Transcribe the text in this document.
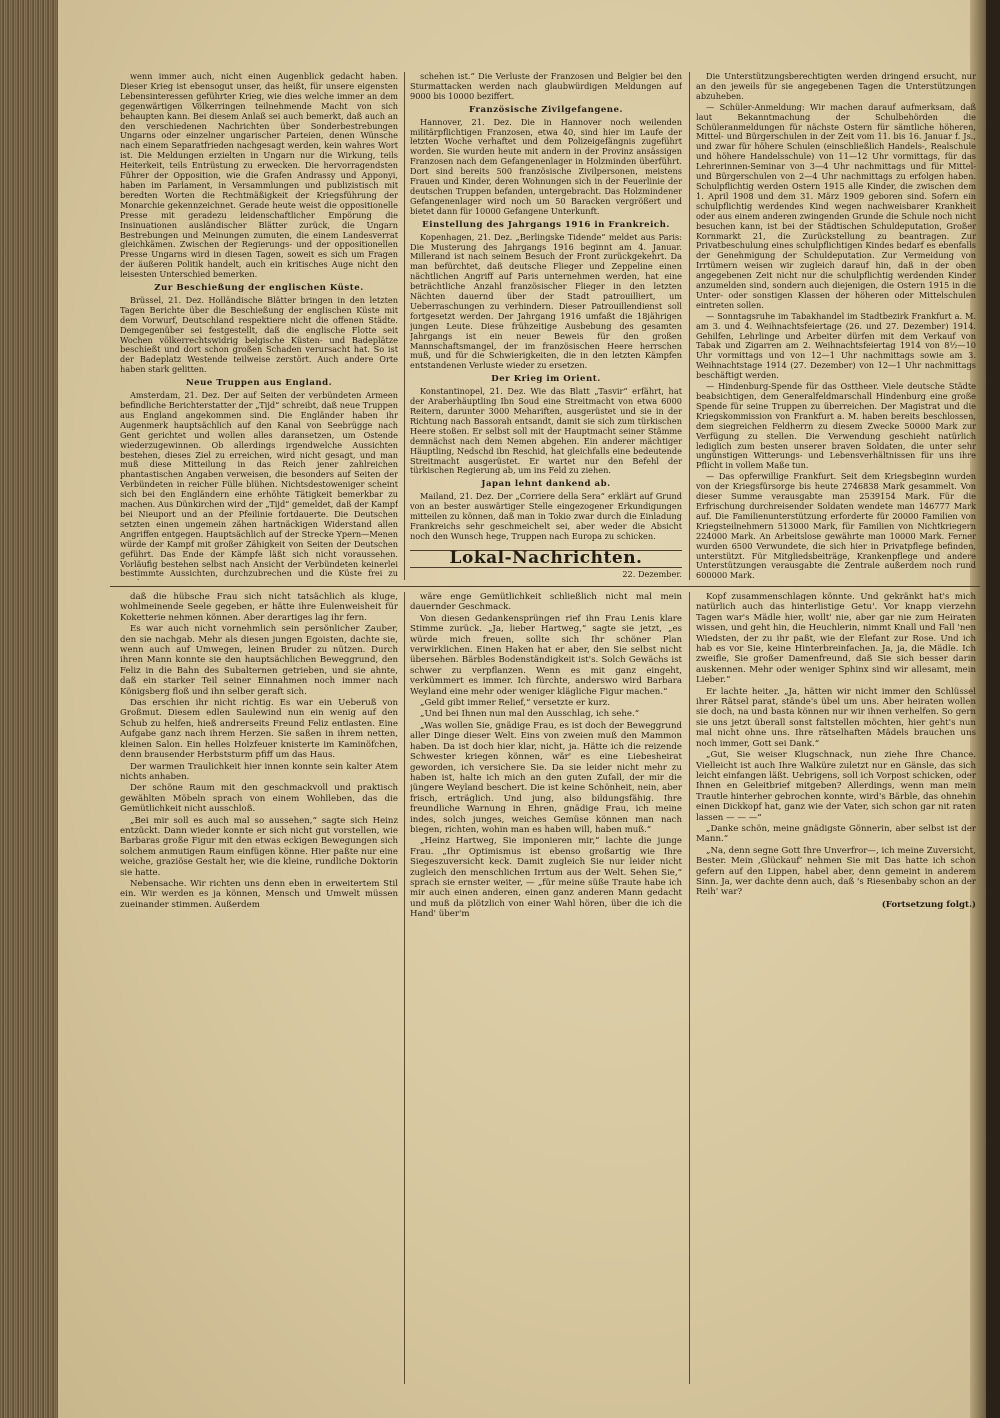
wenn immer auch, nicht einen Augenblick gedacht haben. Dieser Krieg ist ebensogut unser, das heißt, für unsere eigensten Lebensinteressen geführter Krieg, wie dies welche immer an dem gegenwärtigen Völkerringen teilnehmende Macht von sich behaupten kann. Bei diesem Anlaß sei auch bemerkt, daß auch an den verschiedenen Nachrichten über Sonderbestrebungen Ungarns oder einzelner ungarischer Parteien, denen Wünsche nach einem Separatfrieden nachgesagt werden, kein wahres Wort ist. Die Meldungen erzielten in Ungarn nur die Wirkung, teils Heiterkeit, teils Entrüstung zu erwecken. Die hervorragendsten Führer der Opposition, wie die Grafen Andrassy und Apponyi, haben im Parlament, in Versammlungen und publizistisch mit beredten Worten die Rechtmäßigkeit der Kriegsführung der Monarchie gekennzeichnet. Gerade heute weist die oppositionelle Presse mit geradezu leidenschaftlicher Empörung die Insinuationen ausländischer Blätter zurück, die Ungarn Bestrebungen und Meinungen zumuten, die einem Landesverrat gleichkämen. Zwischen der Regierungs- und der oppositionellen Presse Ungarns wird in diesen Tagen, soweit es sich um Fragen der äußeren Politik handelt, auch ein kritisches Auge nicht den leisesten Unterschied bemerken.

Zur Beschießung der englischen Küste.

Brüssel, 21. Dez. Holländische Blätter bringen in den letzten Tagen Berichte über die Beschießung der englischen Küste mit dem Vorwurf, Deutschland respektiere nicht die offenen Städte. Demgegenüber sei festgestellt, daß die englische Flotte seit Wochen völkerrechtswidrig belgische Küsten- und Badeplätze beschießt und dort schon großen Schaden verursacht hat. So ist der Badeplatz Westende teilweise zerstört. Auch andere Orte haben stark gelitten.

Neue Truppen aus England.

Amsterdam, 21. Dez. Der auf Seiten der verbündeten Armeen befindliche Berichterstatter der „Tijd“ schreibt, daß neue Truppen aus England angekommen sind. Die Engländer haben ihr Augenmerk hauptsächlich auf den Kanal von Seebrügge nach Gent gerichtet und wollen alles daransetzen, um Ostende wiederzugewinnen. Ob allerdings irgendwelche Aussichten bestehen, dieses Ziel zu erreichen, wird nicht gesagt, und man muß diese Mitteilung in das Reich jener zahlreichen phantastischen Angaben verweisen, die besonders auf Seiten der Verbündeten in reicher Fülle blühen. Nichtsdestoweniger scheint sich bei den Engländern eine erhöhte Tätigkeit bemerkbar zu machen. Aus Dünkirchen wird der „Tijd“ gemeldet, daß der Kampf bei Nieuport und an der Pfeilinie fortdauerte. Die Deutschen setzten einen ungemein zähen hartnäckigen Widerstand allen Angriffen entgegen. Hauptsächlich auf der Strecke Ypern—Menen würde der Kampf mit großer Zähigkeit von Seiten der Deutschen geführt. Das Ende der Kämpfe läßt sich nicht voraussehen. Vorläufig bestehen selbst nach Ansicht der Verbündeten keinerlei bestimmte Aussichten, durchzubrechen und die Küste frei zu

schehen ist.“ Die Verluste der Franzosen und Belgier bei den Sturmattacken werden nach glaubwürdigen Meldungen auf 9000 bis 10000 beziffert.

Französische Zivilgefangene.

Hannover, 21. Dez. Die in Hannover noch weilenden militärpflichtigen Franzosen, etwa 40, sind hier im Laufe der letzten Woche verhaftet und dem Polizeigefängnis zugeführt worden. Sie wurden heute mit andern in der Provinz ansässigen Franzosen nach dem Gefangenenlager in Holzminden überführt. Dort sind bereits 500 französische Zivilpersonen, meistens Frauen und Kinder, deren Wohnungen sich in der Feuerlinie der deutschen Truppen befanden, untergebracht. Das Holzmindener Gefangenenlager wird noch um 50 Baracken vergrößert und bietet dann für 10000 Gefangene Unterkunft.

Einstellung des Jahrgangs 1916 in Frankreich.

Kopenhagen, 21. Dez. „Berlingske Tidende“ meldet aus Paris: Die Musterung des Jahrgangs 1916 beginnt am 4. Januar. Millerand ist nach seinem Besuch der Front zurückgekehrt. Da man befürchtet, daß deutsche Flieger und Zeppeline einen nächtlichen Angriff auf Paris unternehmen werden, hat eine beträchtliche Anzahl französischer Flieger in den letzten Nächten dauernd über der Stadt patrouilliert, um Ueberraschungen zu verhindern. Dieser Patrouillendienst soll fortgesetzt werden. Der Jahrgang 1916 umfaßt die 18jährigen jungen Leute. Diese frühzeitige Ausbebung des gesamten Jahrgangs ist ein neuer Beweis für den großen Mannschaftsmangel, der im französischen Heere herrschen muß, und für die Schwierigkeiten, die in den letzten Kämpfen entstandenen Verluste wieder zu ersetzen.

Der Krieg im Orient.

Konstantinopel, 21. Dez. Wie das Blatt „Tasvir“ erfährt, hat der Araberhäuptling Ibn Soud eine Streitmacht von etwa 6000 Reitern, darunter 3000 Mehariften, ausgerüstet und sie in der Richtung nach Bassorah entsandt, damit sie sich zum türkischen Heere stoßen. Er selbst soll mit der Hauptmacht seiner Stämme demnächst nach dem Nemen abgehen. Ein anderer mächtiger Häuptling, Nedschd ibn Reschid, hat gleichfalls eine bedeutende Streitmacht ausgerüstet. Er wartet nur den Befehl der türkischen Regierung ab, um ins Feld zu ziehen.

Japan lehnt dankend ab.

Mailand, 21. Dez. Der „Corriere della Sera“ erklärt auf Grund von an bester auswärtiger Stelle eingezogener Erkundigungen mitteilen zu können, daß man in Tokio zwar durch die Einladung Frankreichs sehr geschmeichelt sei, aber weder die Absicht noch den Wunsch hege, Truppen nach Europa zu schicken.

Lokal-Nachrichten.
22. Dezember.

Die Unterstützungsberechtigten werden dringend ersucht, nur an den jeweils für sie angegebenen Tagen die Unterstützungen abzuheben.

— Schüler-Anmeldung: Wir machen darauf aufmerksam, daß laut Bekanntmachung der Schulbehörden die Schüleranmeldungen für nächste Ostern für sämtliche höheren, Mittel- und Bürgerschulen in der Zeit vom 11. bis 16. Januar f. Js., und zwar für höhere Schulen (einschließlich Handels-, Realschule und höhere Handelsschule) von 11—12 Uhr vormittags, für das Lehrerinnen-Seminar von 3—4 Uhr nachmittags und für Mittel- und Bürgerschulen von 2—4 Uhr nachmittags zu erfolgen haben. Schulpflichtig werden Ostern 1915 alle Kinder, die zwischen dem 1. April 1908 und dem 31. März 1909 geboren sind. Sofern ein schulpflichtig werdendes Kind wegen nachweisbarer Krankheit oder aus einem anderen zwingenden Grunde die Schule noch nicht besuchen kann, ist bei der Städtischen Schuldeputation, Großer Kornmarkt 21, die Zurückstellung zu beantragen. Zur Privatbeschulung eines schulpflichtigen Kindes bedarf es ebenfalls der Genehmigung der Schuldeputation. Zur Vermeidung von Irrtümern weisen wir zugleich darauf hin, daß in der oben angegebenen Zeit nicht nur die schulpflichtig werdenden Kinder anzumelden sind, sondern auch diejenigen, die Ostern 1915 in die Unter- oder sonstigen Klassen der höheren oder Mittelschulen eintreten sollen.

— Sonntagsruhe im Tabakhandel im Stadtbezirk Frankfurt a. M. am 3. und 4. Weihnachtsfeiertage (26. und 27. Dezember) 1914. Gehilfen, Lehrlinge und Arbeiter dürfen mit dem Verkauf von Tabak und Zigarren am 2. Weihnachtsfeiertag 1914 von 8½—10 Uhr vormittags und von 12—1 Uhr nachmittags sowie am 3. Weihnachtstage 1914 (27. Dezember) von 12—1 Uhr nachmittags beschäftigt werden.

— Hindenburg-Spende für das Osttheer. Viele deutsche Städte beabsichtigen, dem Generalfeldmarschall Hindenburg eine große Spende für seine Truppen zu überreichen. Der Magistrat und die Kriegskommission von Frankfurt a. M. haben bereits beschlossen, dem siegreichen Feldherrn zu diesem Zwecke 50000 Mark zur Verfügung zu stellen. Die Verwendung geschieht natürlich lediglich zum besten unserer braven Soldaten, die unter sehr ungünstigen Witterungs- und Lebensverhältnissen für uns ihre Pflicht in vollem Maße tun.

— Das opferwillige Frankfurt. Seit dem Kriegsbeginn wurden von der Kriegsfürsorge bis heute 2746838 Mark gesammelt. Von dieser Summe verausgabte man 2539154 Mark. Für die Erfrischung durchreisender Soldaten wendete man 146777 Mark auf. Die Familienunterstützung erforderte für 20000 Familien von Kriegsteilnehmern 513000 Mark, für Familien von Nichtkriegern 224000 Mark. An Arbeitslose gewährte man 10000 Mark. Ferner wurden 6500 Verwundete, die sich hier in Privatpflege befinden, unterstützt. Für Mitgliedsbeiträge, Krankenpflege und andere Unterstützungen verausgabte die Zentrale außerdem noch rund 600000 Mark.

daß die hübsche Frau sich nicht tatsächlich als kluge, wohlmeinende Seele gegeben, er hätte ihre Eulenweisheit für Koketterie nehmen können. Aber derartiges lag ihr fern.

Es war auch nicht vornehmlich sein persönlicher Zauber, den sie nachgab. Mehr als diesen jungen Egoisten, dachte sie, wenn auch auf Umwegen, leinen Bruder zu nützen. Durch ihren Mann konnte sie den hauptsächlichen Beweggrund, den Feliz in die Bahn des Subalternen getrieben, und sie ahnte, daß ein starker Teil seiner Einnahmen noch immer nach Königsberg floß und ihn selber geraft sich.

Das erschien ihr nicht richtig. Es war ein Ueberuß von Großmut. Diesem edlen Saulewind nun ein wenig auf den Schub zu helfen, hieß andrerseits Freund Feliz entlasten. Eine Aufgabe ganz nach ihrem Herzen. Sie saßen in ihrem netten, kleinen Salon. Ein helles Holzfeuer knisterte im Kaminöfchen, denn brausender Herbststurm pfiff um das Haus.

Der warmen Traulichkeit hier innen konnte sein kalter Atem nichts anhaben.

Der schöne Raum mit den geschmackvoll und praktisch gewählten Möbeln sprach von einem Wohlleben, das die Gemütlichkeit nicht ausschloß.

„Bei mir soll es auch mal so aussehen,“ sagte sich Heinz entzückt. Dann wieder konnte er sich nicht gut vorstellen, wie Barbaras große Figur mit den etwas eckigen Bewegungen sich solchem anmutigen Raum einfügen könne. Hier paßte nur eine weiche, graziöse Gestalt her, wie die kleine, rundliche Doktorin sie hatte.

Nebensache. Wir richten uns denn eben in erweitertem Stil ein. Wir werden es ja können, Mensch und Umwelt müssen zueinander stimmen. Außerdem

wäre enge Gemütlichkeit schließlich nicht mal mein dauernder Geschmack.

Von diesen Gedankensprüngen rief ihn Frau Lenis klare Stimme zurück. „Ja, lieber Hartweg,“ sagte sie jetzt, „es würde mich freuen, sollte sich Ihr schöner Plan verwirklichen. Einen Haken hat er aber, den Sie selbst nicht übersehen. Bärbles Bodenständigkeit ist's. Solch Gewächs ist schwer zu verpflanzen. Wenn es mit ganz eingeht, verkümmert es immer. Ich fürchte, anderswo wird Barbara Weyland eine mehr oder weniger klägliche Figur machen.“

„Geld gibt immer Relief,“ versetzte er kurz.

„Und bei Ihnen nun mal den Ausschlag, ich sehe.“

„Was wollen Sie, gnädige Frau, es ist doch der Beweggrund aller Dinge dieser Welt. Eins von zweien muß den Mammon haben. Da ist doch hier klar, nicht, ja. Hätte ich die reizende Schwester kriegen können, wär' es eine Liebesheirat geworden, ich versichere Sie. Da sie leider nicht mehr zu haben ist, halte ich mich an den guten Zufall, der mir die jüngere Weyland beschert. Die ist keine Schönheit, nein, aber frisch, erträglich. Und jung, also bildungsfähig. Ihre freundliche Warnung in Ehren, gnädige Frau, ich meine indes, solch junges, weiches Gemüse können man nach biegen, richten, wohin man es haben will, haben muß.“

„Heinz Hartweg, Sie imponieren mir,“ lachte die junge Frau. „Ihr Optimismus ist ebenso großartig wie Ihre Siegeszuversicht keck. Damit zugleich Sie nur leider nicht zugleich den menschlichen Irrtum aus der Welt. Sehen Sie,“ sprach sie ernster weiter, — „für meine süße Traute habe ich mir auch einen anderen, einen ganz anderen Mann gedacht und muß da plötzlich von einer Wahl hören, über die ich die Hand' über'm

Kopf zusammenschlagen könnte. Und gekränkt hat's mich natürlich auch das hinterlistige Getu'. Vor knapp vierzehn Tagen war's Mädle hier, wollt' nie, aber gar nie zum Heiraten wissen, und geht hin, die Heuchlerin, nimmt Knall und Fall 'nen Wiedsten, der zu ihr paßt, wie der Elefant zur Rose. Und ich hab es vor Sie, keine Hinterbreinfachen. Ja, ja, die Mädle. Ich zweifle, Sie großer Damenfreund, daß Sie sich besser darin auskennen. Mehr oder weniger Sphinx sind wir allesamt, mein Lieber.“

Er lachte heiter. „Ja, hätten wir nicht immer den Schlüssel ihrer Rätsel parat, stände's übel um uns. Aber heiraten wollen sie doch, na und basta können nur wir ihnen verhelfen. So gern sie uns jetzt überall sonst faltstellen möchten, hier geht's nun mal nicht ohne uns. Ihre rätselhaften Mädels brauchen uns noch immer, Gott sei Dank.“

„Gut, Sie weiser Klugschnack, nun ziehe Ihre Chance. Vielleicht ist auch Ihre Walküre zuletzt nur en Gänsle, das sich leicht einfangen läßt. Uebrigens, soll ich Vorpost schicken, oder Ihnen en Geleitbrief mitgeben? Allerdings, wenn man mein Trautle hinterher gebrochen konnte, wird's Bärble, das ohnehin einen Dickkopf hat, ganz wie der Vater, sich schon gar nit raten lassen — — —“

„Danke schön, meine gnädigste Gönnerin, aber selbst ist der Mann.“

„Na, denn segne Gott Ihre Unverfror—, ich meine Zuversicht, Bester. Mein ‚Glückauf‘ nehmen Sie mit Das hatte ich schon gefern auf den Lippen, habel aber, denn gemeint in anderem Sinn. Ja, wer dachte denn auch, daß 's Riesenbaby schon an der Reih' war?

(Fortsetzung folgt.)
